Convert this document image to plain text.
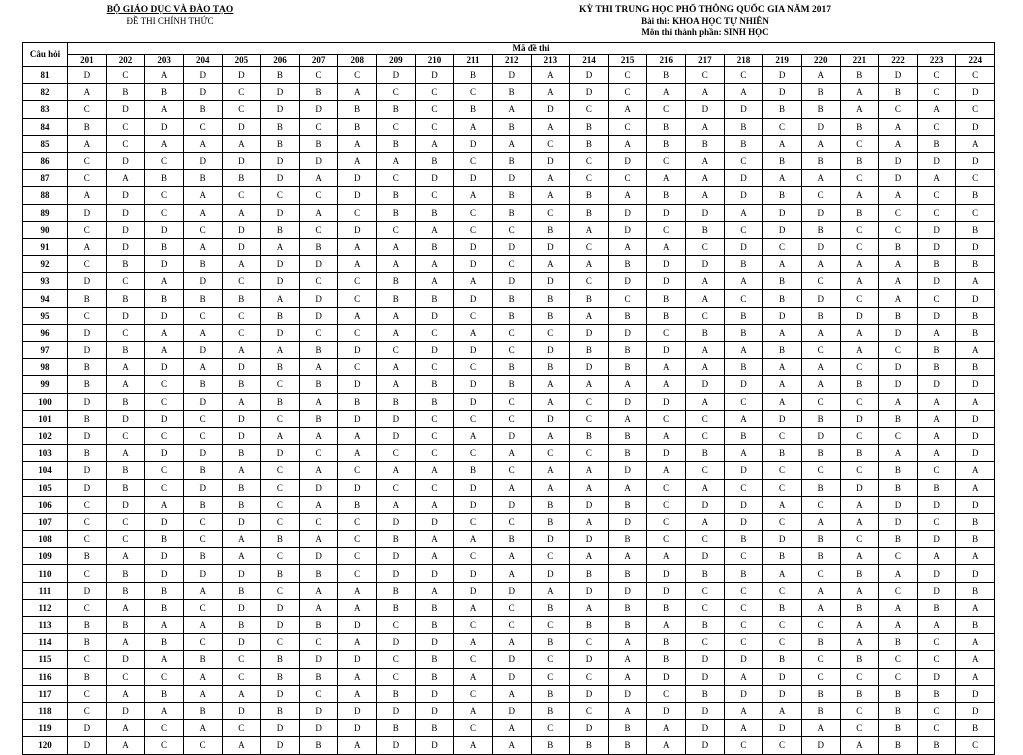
BỘ GIÁO DỤC VÀ ĐÀO TẠO
ĐỀ THI CHÍNH THỨC
KỲ THI TRUNG HỌC PHỔ THÔNG QUỐC GIA NĂM 2017
Bài thi: KHOA HỌC TỰ NHIÊN
Môn thi thành phần: SINH HỌC
Câu hỏi	Mã đề thi																							
	201	202	203	204	205	206	207	208	209	210	211	212	213	214	215	216	217	218	219	220	221	222	223	224
81	D	C	A	D	D	B	C	C	D	D	B	D	A	D	C	B	C	C	D	A	B	D	C	C
82	A	B	B	D	C	D	B	A	C	C	C	B	A	D	C	A	A	A	D	B	A	B	C	D
83	C	D	A	B	C	D	D	B	B	C	B	A	D	C	A	C	D	D	B	B	A	C	A	C
84	B	C	D	C	D	B	C	B	C	C	A	B	A	B	C	B	A	B	C	D	B	A	C	D
85	A	C	A	A	A	B	B	A	B	A	D	A	C	B	A	B	B	B	A	A	C	A	B	A
86	C	D	C	D	D	D	D	A	A	B	C	B	D	C	D	C	A	C	B	B	B	D	D	D
87	C	A	B	B	B	D	A	D	C	D	D	D	A	C	C	A	A	D	A	A	C	D	A	C
88	A	D	C	A	C	C	C	D	B	C	A	B	A	B	A	B	A	D	B	C	A	A	C	B
89	D	D	C	A	A	D	A	C	B	B	C	B	C	B	D	D	D	A	D	D	B	C	C	C
90	C	D	D	C	D	B	C	D	C	A	C	C	B	A	D	C	B	C	D	B	C	C	D	B
91	A	D	B	A	D	A	B	A	A	B	D	D	D	C	A	A	C	D	C	D	C	B	D	D
92	C	B	D	B	A	D	D	A	A	A	D	C	A	A	B	D	D	B	A	A	A	A	B	B
93	D	C	A	D	C	D	C	C	B	A	A	D	D	C	D	D	A	A	B	C	A	A	D	A
94	B	B	B	B	B	A	D	C	B	B	D	B	B	B	C	B	A	C	B	D	C	A	C	D
95	C	D	D	C	C	B	D	A	A	D	C	B	B	A	B	B	C	B	D	B	D	B	D	B
96	D	C	A	A	C	D	C	C	A	C	A	C	C	D	D	C	B	B	A	A	A	D	A	B
97	D	B	A	D	A	A	B	D	C	D	D	C	D	B	B	D	A	A	B	C	A	C	B	A
98	B	A	D	A	D	B	A	C	A	C	C	B	B	D	B	A	A	B	A	A	C	D	B	B
99	B	A	C	B	B	C	B	D	A	B	D	B	A	A	A	A	D	D	A	A	B	D	D	D
100	D	B	C	D	A	B	A	B	B	B	D	C	A	C	D	D	A	C	A	C	C	A	A	A
101	B	D	D	C	D	C	B	D	D	C	C	C	D	C	A	C	C	A	D	B	D	B	A	D
102	D	C	C	C	D	A	A	A	D	C	A	D	A	B	B	A	C	B	C	D	C	C	A	D
103	B	A	D	D	B	D	C	A	C	C	C	A	C	C	B	D	B	A	B	B	B	A	A	D
104	D	B	C	B	A	C	A	C	A	A	B	C	A	A	D	A	C	D	C	C	C	B	C	A
105	D	B	C	D	B	C	D	D	C	C	D	A	A	A	A	C	A	C	C	B	D	B	B	A
106	C	D	A	B	B	C	A	B	A	A	D	D	B	D	B	C	D	D	A	C	A	D	D	D
107	C	C	D	C	D	C	C	C	D	D	C	C	B	A	D	C	A	D	C	A	A	D	C	B
108	C	C	B	C	A	B	A	C	B	A	A	B	D	D	B	C	C	B	D	B	C	B	D	B
109	B	A	D	B	A	C	D	C	D	A	C	A	C	A	A	A	D	C	B	B	A	C	A	A
110	C	B	D	D	D	B	B	C	D	D	D	A	D	B	B	D	B	B	A	C	B	A	D	D
111	D	B	B	A	B	C	A	A	B	A	D	D	A	D	D	D	C	C	C	A	A	C	D	B
112	C	A	B	C	D	D	A	A	B	B	A	C	B	A	B	B	C	C	B	A	B	A	B	A
113	B	B	A	A	B	D	B	D	C	B	C	C	C	B	B	A	B	C	C	C	A	A	A	B
114	B	A	B	C	D	C	C	A	D	D	A	A	B	C	A	B	C	C	C	B	A	B	C	A
115	C	D	A	B	C	B	D	D	C	B	C	D	C	D	A	B	D	D	B	C	B	C	C	A
116	B	C	C	A	C	B	B	A	C	B	A	D	C	C	A	D	D	A	D	C	C	C	D	A
117	C	A	B	A	A	D	C	A	B	D	C	A	B	D	D	C	B	D	D	B	B	B	B	D
118	C	D	A	B	D	B	D	D	D	D	A	D	B	C	A	D	D	A	A	B	C	B	C	D
119	D	A	C	A	C	D	D	D	B	B	C	A	C	D	B	A	D	A	D	A	C	B	C	B
120	D	A	C	C	A	D	B	A	D	D	A	A	B	B	B	A	D	C	C	D	A	B	B	C
